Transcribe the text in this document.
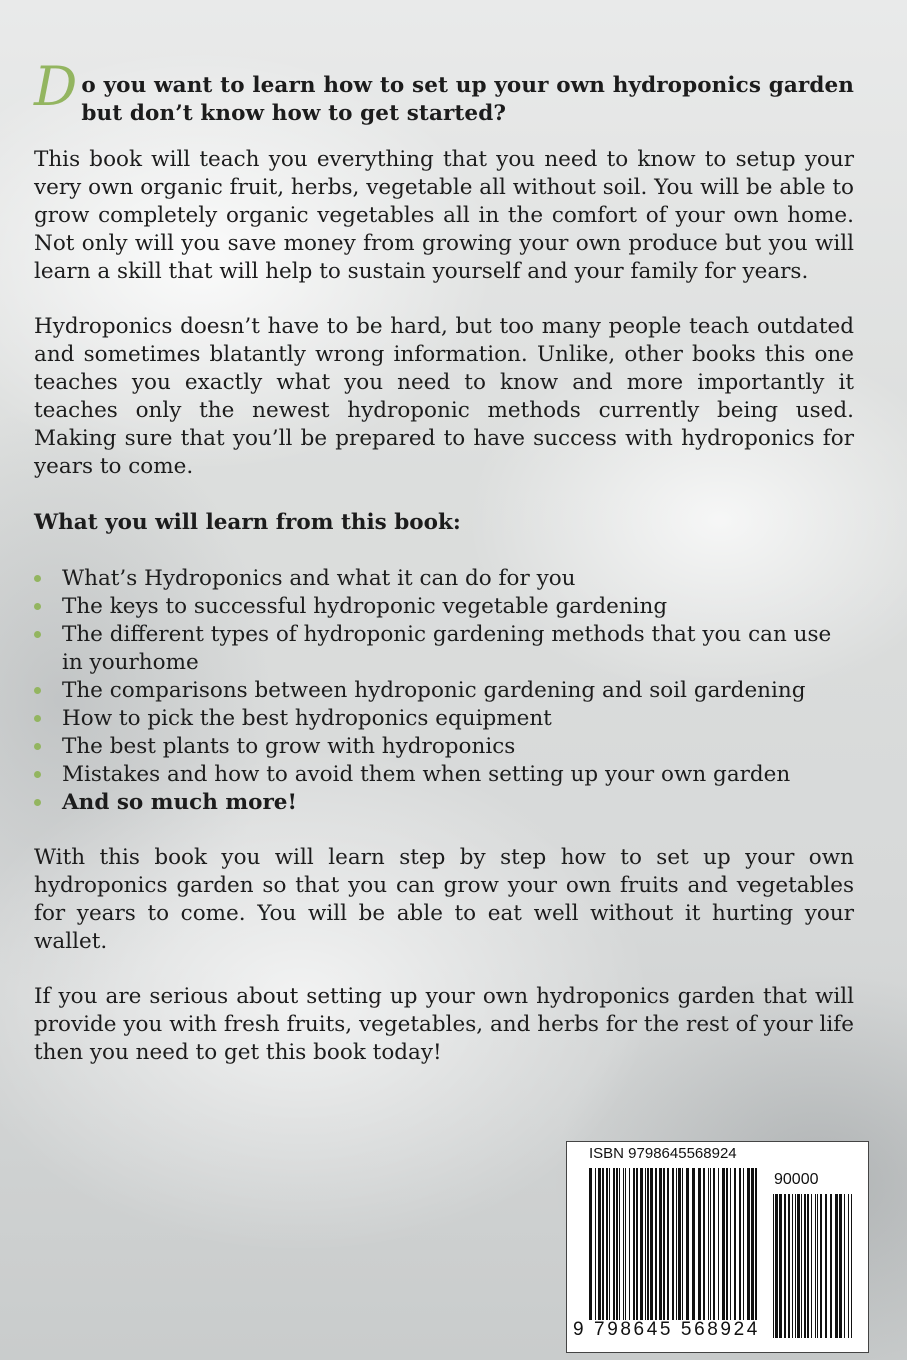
Do you want to learn how to set up your own hydroponics garden but don’t know how to get started?

This book will teach you everything that you need to know to setup your very own organic fruit, herbs, vegetable all without soil. You will be able to grow completely organic vegetables all in the comfort of your own home. Not only will you save money from growing your own produce but you will learn a skill that will help to sustain yourself and your family for years.

Hydroponics doesn’t have to be hard, but too many people teach outdated and sometimes blatantly wrong information. Unlike, other books this one teaches you exactly what you need to know and more importantly it teaches only the newest hydroponic methods currently being used. Making sure that you’ll be prepared to have success with hydroponics for years to come.

What you will learn from this book:

What’s Hydroponics and what it can do for you
The keys to successful hydroponic vegetable gardening
The different types of hydroponic gardening methods that you can use in yourhome
The comparisons between hydroponic gardening and soil gardening
How to pick the best hydroponics equipment
The best plants to grow with hydroponics
Mistakes and how to avoid them when setting up your own garden
And so much more!

With this book you will learn step by step how to set up your own hydroponics garden so that you can grow your own fruits and vegetables for years to come. You will be able to eat well without it hurting your wallet.

If you are serious about setting up your own hydroponics garden that will provide you with fresh fruits, vegetables, and herbs for the rest of your life then you need to get this book today!

ISBN 9798645568924
90000
9 798645 568924
